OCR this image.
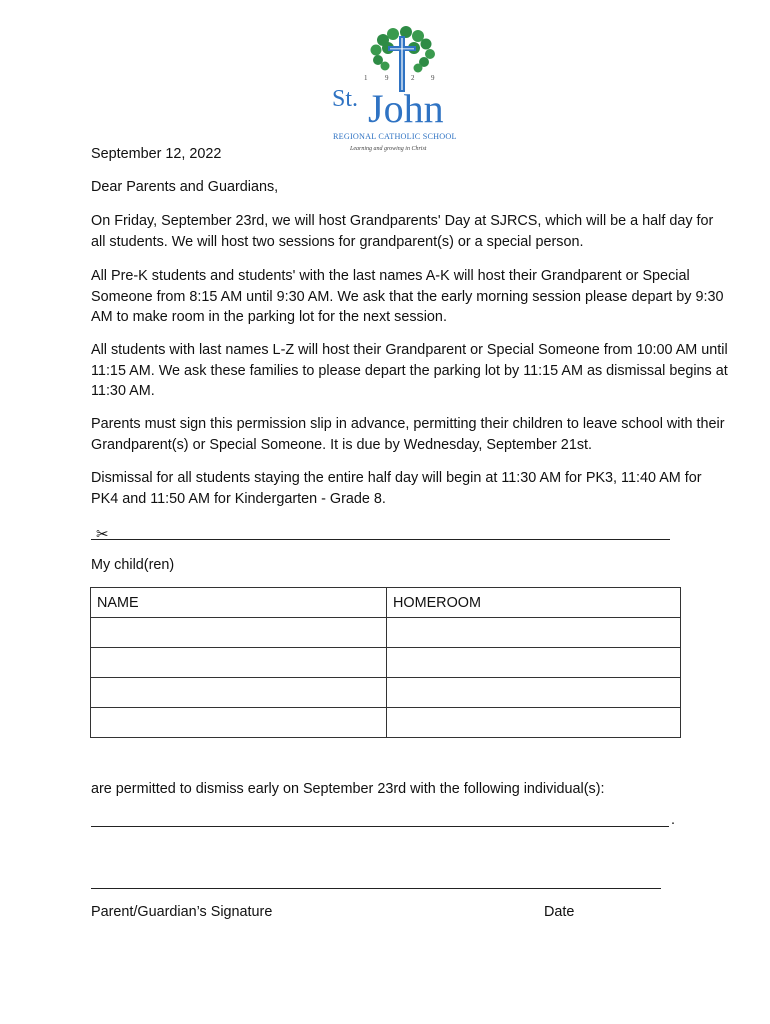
1	9	2 9
St. John
REGIONAL CATHOLIC SCHOOL
Learning and growing in Christ
September 12, 2022
Dear Parents and Guardians,

On Friday, September 23rd, we will host Grandparents' Day at SJRCS, which will be a half day for all students. We will host two sessions for grandparent(s) or a special person.

All Pre-K students and students' with the last names A-K will host their Grandparent or Special Someone from 8:15 AM until 9:30 AM. We ask that the early morning session please depart by 9:30 AM to make room in the parking lot for the next session.

All students with last names L-Z will host their Grandparent or Special Someone from 10:00 AM until 11:15 AM. We ask these families to please depart the parking lot by 11:15 AM as dismissal begins at 11:30 AM.

Parents must sign this permission slip in advance, permitting their children to leave school with their Grandparent(s) or Special Someone. It is due by Wednesday, September 21st.

Dismissal for all students staying the entire half day will begin at 11:30 AM for PK3, 11:40 AM for PK4 and 11:50 AM for Kindergarten - Grade 8.

✂
My child(ren)
NAME	HOMEROOM

are permitted to dismiss early on September 23rd with the following individual(s):
.
Parent/Guardian’s Signature	Date
